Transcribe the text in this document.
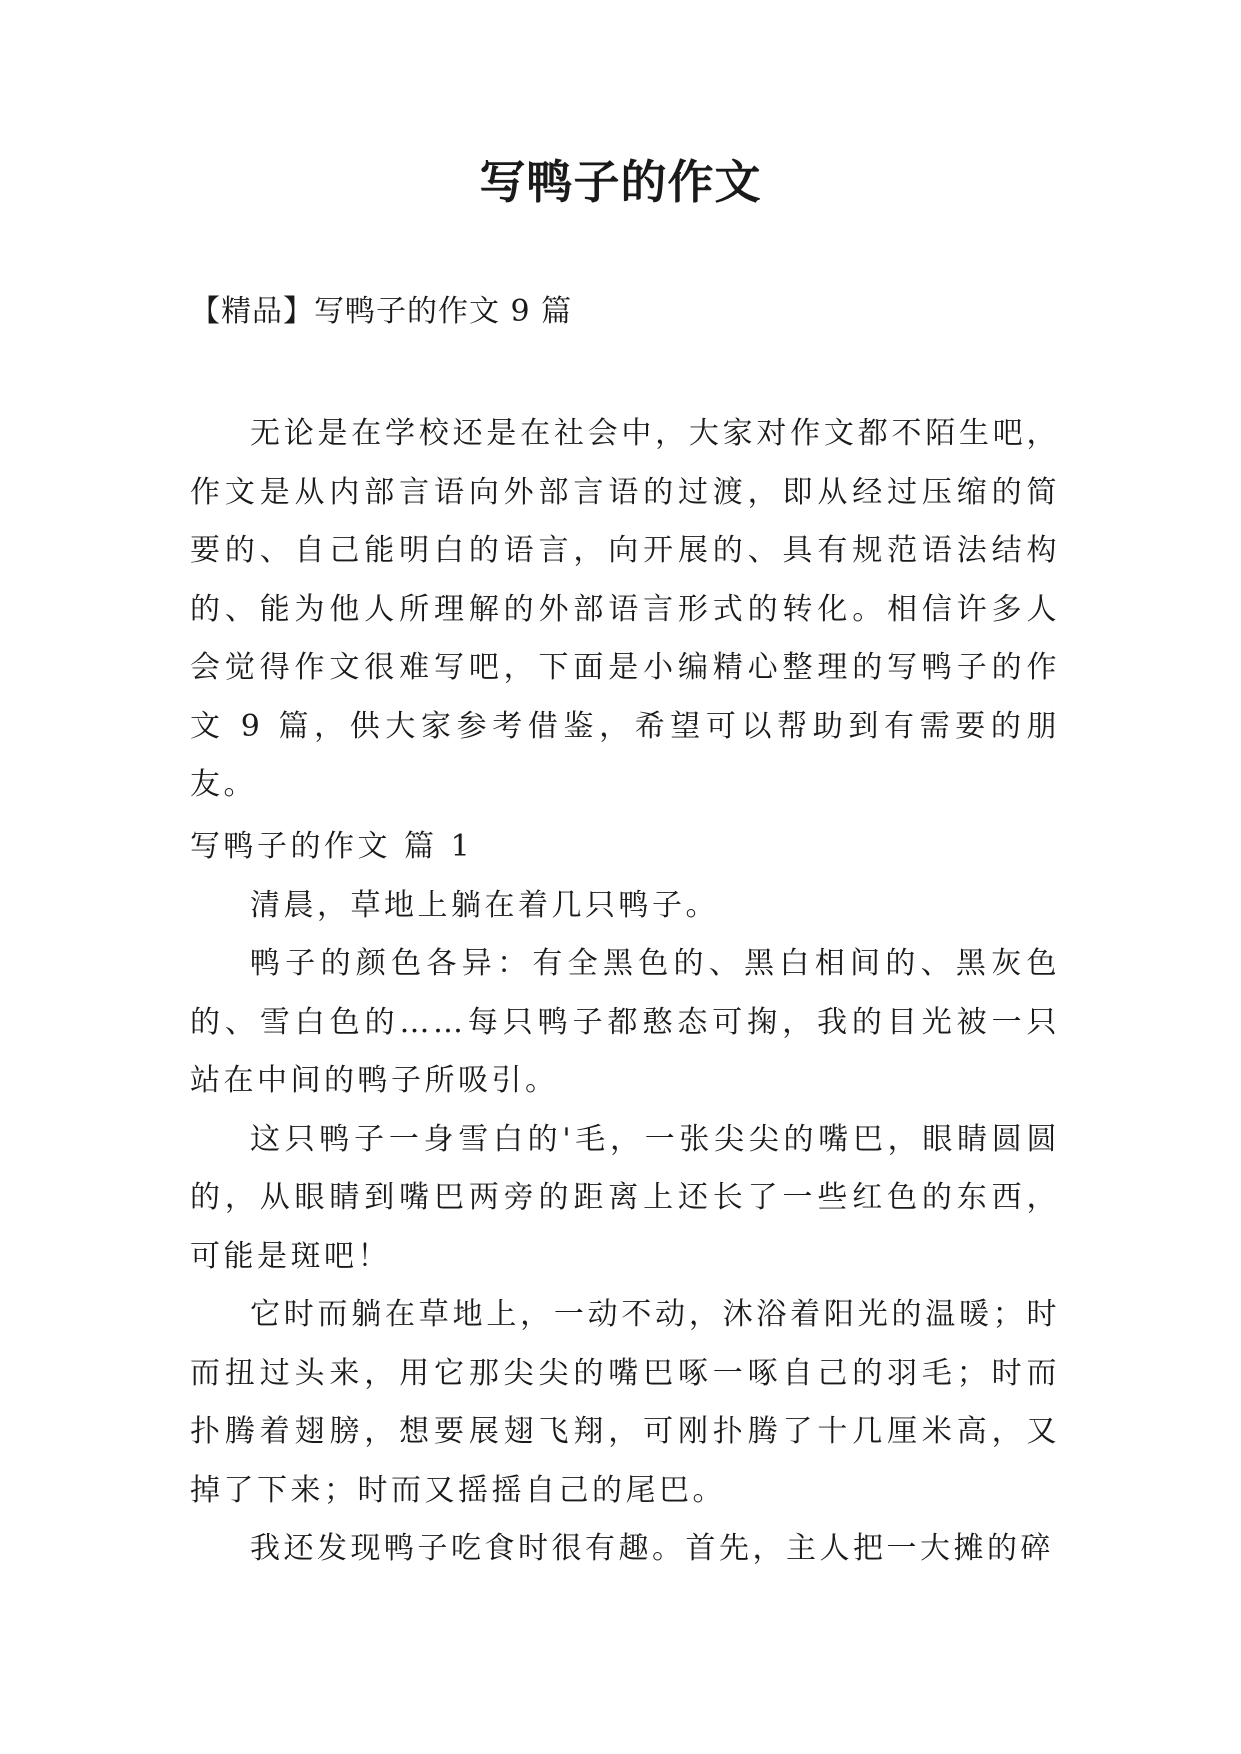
写鸭子的作文
【精品】写鸭子的作文 9 篇

无论是在学校还是在社会中，大家对作文都不陌生吧，作文是从内部言语向外部言语的过渡，即从经过压缩的简要的、自己能明白的语言，向开展的、具有规范语法结构的、能为他人所理解的外部语言形式的转化。相信许多人会觉得作文很难写吧，下面是小编精心整理的写鸭子的作文 9 篇，供大家参考借鉴，希望可以帮助到有需要的朋友。

写鸭子的作文 篇 1

清晨，草地上躺在着几只鸭子。

鸭子的颜色各异：有全黑色的、黑白相间的、黑灰色的、雪白色的……每只鸭子都憨态可掬，我的目光被一只站在中间的鸭子所吸引。

这只鸭子一身雪白的'毛，一张尖尖的嘴巴，眼睛圆圆的，从眼睛到嘴巴两旁的距离上还长了一些红色的东西，可能是斑吧！

它时而躺在草地上，一动不动，沐浴着阳光的温暖；时而扭过头来，用它那尖尖的嘴巴啄一啄自己的羽毛；时而扑腾着翅膀，想要展翅飞翔，可刚扑腾了十几厘米高，又掉了下来；时而又摇摇自己的尾巴。

我还发现鸭子吃食时很有趣。首先，主人把一大摊的碎
